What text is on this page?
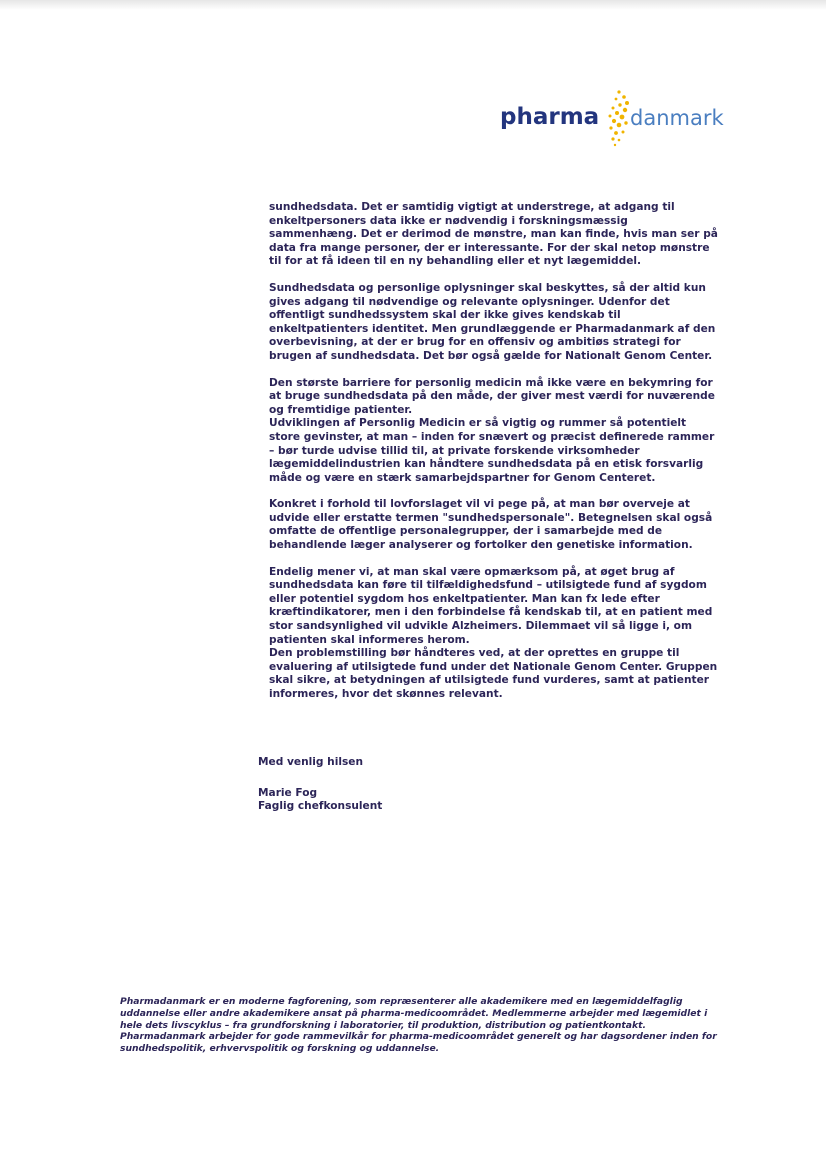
pharma danmark

sundhedsdata. Det er samtidig vigtigt at understrege, at adgang til enkeltpersoners data ikke er nødvendig i forskningsmæssig sammenhæng. Det er derimod de mønstre, man kan finde, hvis man ser på data fra mange personer, der er interessante. For der skal netop mønstre til for at få ideen til en ny behandling eller et nyt lægemiddel.

Sundhedsdata og personlige oplysninger skal beskyttes, så der altid kun gives adgang til nødvendige og relevante oplysninger. Udenfor det offentligt sundhedssystem skal der ikke gives kendskab til enkeltpatienters identitet. Men grundlæggende er Pharmadanmark af den overbevisning, at der er brug for en offensiv og ambitiøs strategi for brugen af sundhedsdata. Det bør også gælde for Nationalt Genom Center.

Den største barriere for personlig medicin må ikke være en bekymring for at bruge sundhedsdata på den måde, der giver mest værdi for nuværende og fremtidige patienter.

Udviklingen af Personlig Medicin er så vigtig og rummer så potentielt store gevinster, at man – inden for snævert og præcist definerede rammer – bør turde udvise tillid til, at private forskende virksomheder lægemiddelindustrien kan håndtere sundhedsdata på en etisk forsvarlig måde og være en stærk samarbejdspartner for Genom Centeret.

Konkret i forhold til lovforslaget vil vi pege på, at man bør overveje at udvide eller erstatte termen "sundhedspersonale". Betegnelsen skal også omfatte de offentlige personalegrupper, der i samarbejde med de behandlende læger analyserer og fortolker den genetiske information.

Endelig mener vi, at man skal være opmærksom på, at øget brug af sundhedsdata kan føre til tilfældighedsfund – utilsigtede fund af sygdom eller potentiel sygdom hos enkeltpatienter. Man kan fx lede efter kræftindikatorer, men i den forbindelse få kendskab til, at en patient med stor sandsynlighed vil udvikle Alzheimers. Dilemmaet vil så ligge i, om patienten skal informeres herom.

Den problemstilling bør håndteres ved, at der oprettes en gruppe til evaluering af utilsigtede fund under det Nationale Genom Center. Gruppen skal sikre, at betydningen af utilsigtede fund vurderes, samt at patienter informeres, hvor det skønnes relevant.

Med venlig hilsen

Marie Fog

Faglig chefkonsulent

Pharmadanmark er en moderne fagforening, som repræsenterer alle akademikere med en lægemiddelfaglig uddannelse eller andre akademikere ansat på pharma-medicoområdet. Medlemmerne arbejder med lægemidlet i hele dets livscyklus – fra grundforskning i laboratorier, til produktion, distribution og patientkontakt. Pharmadanmark arbejder for gode rammevilkår for pharma-medicoområdet generelt og har dagsordener inden for sundhedspolitik, erhvervspolitik og forskning og uddannelse.
